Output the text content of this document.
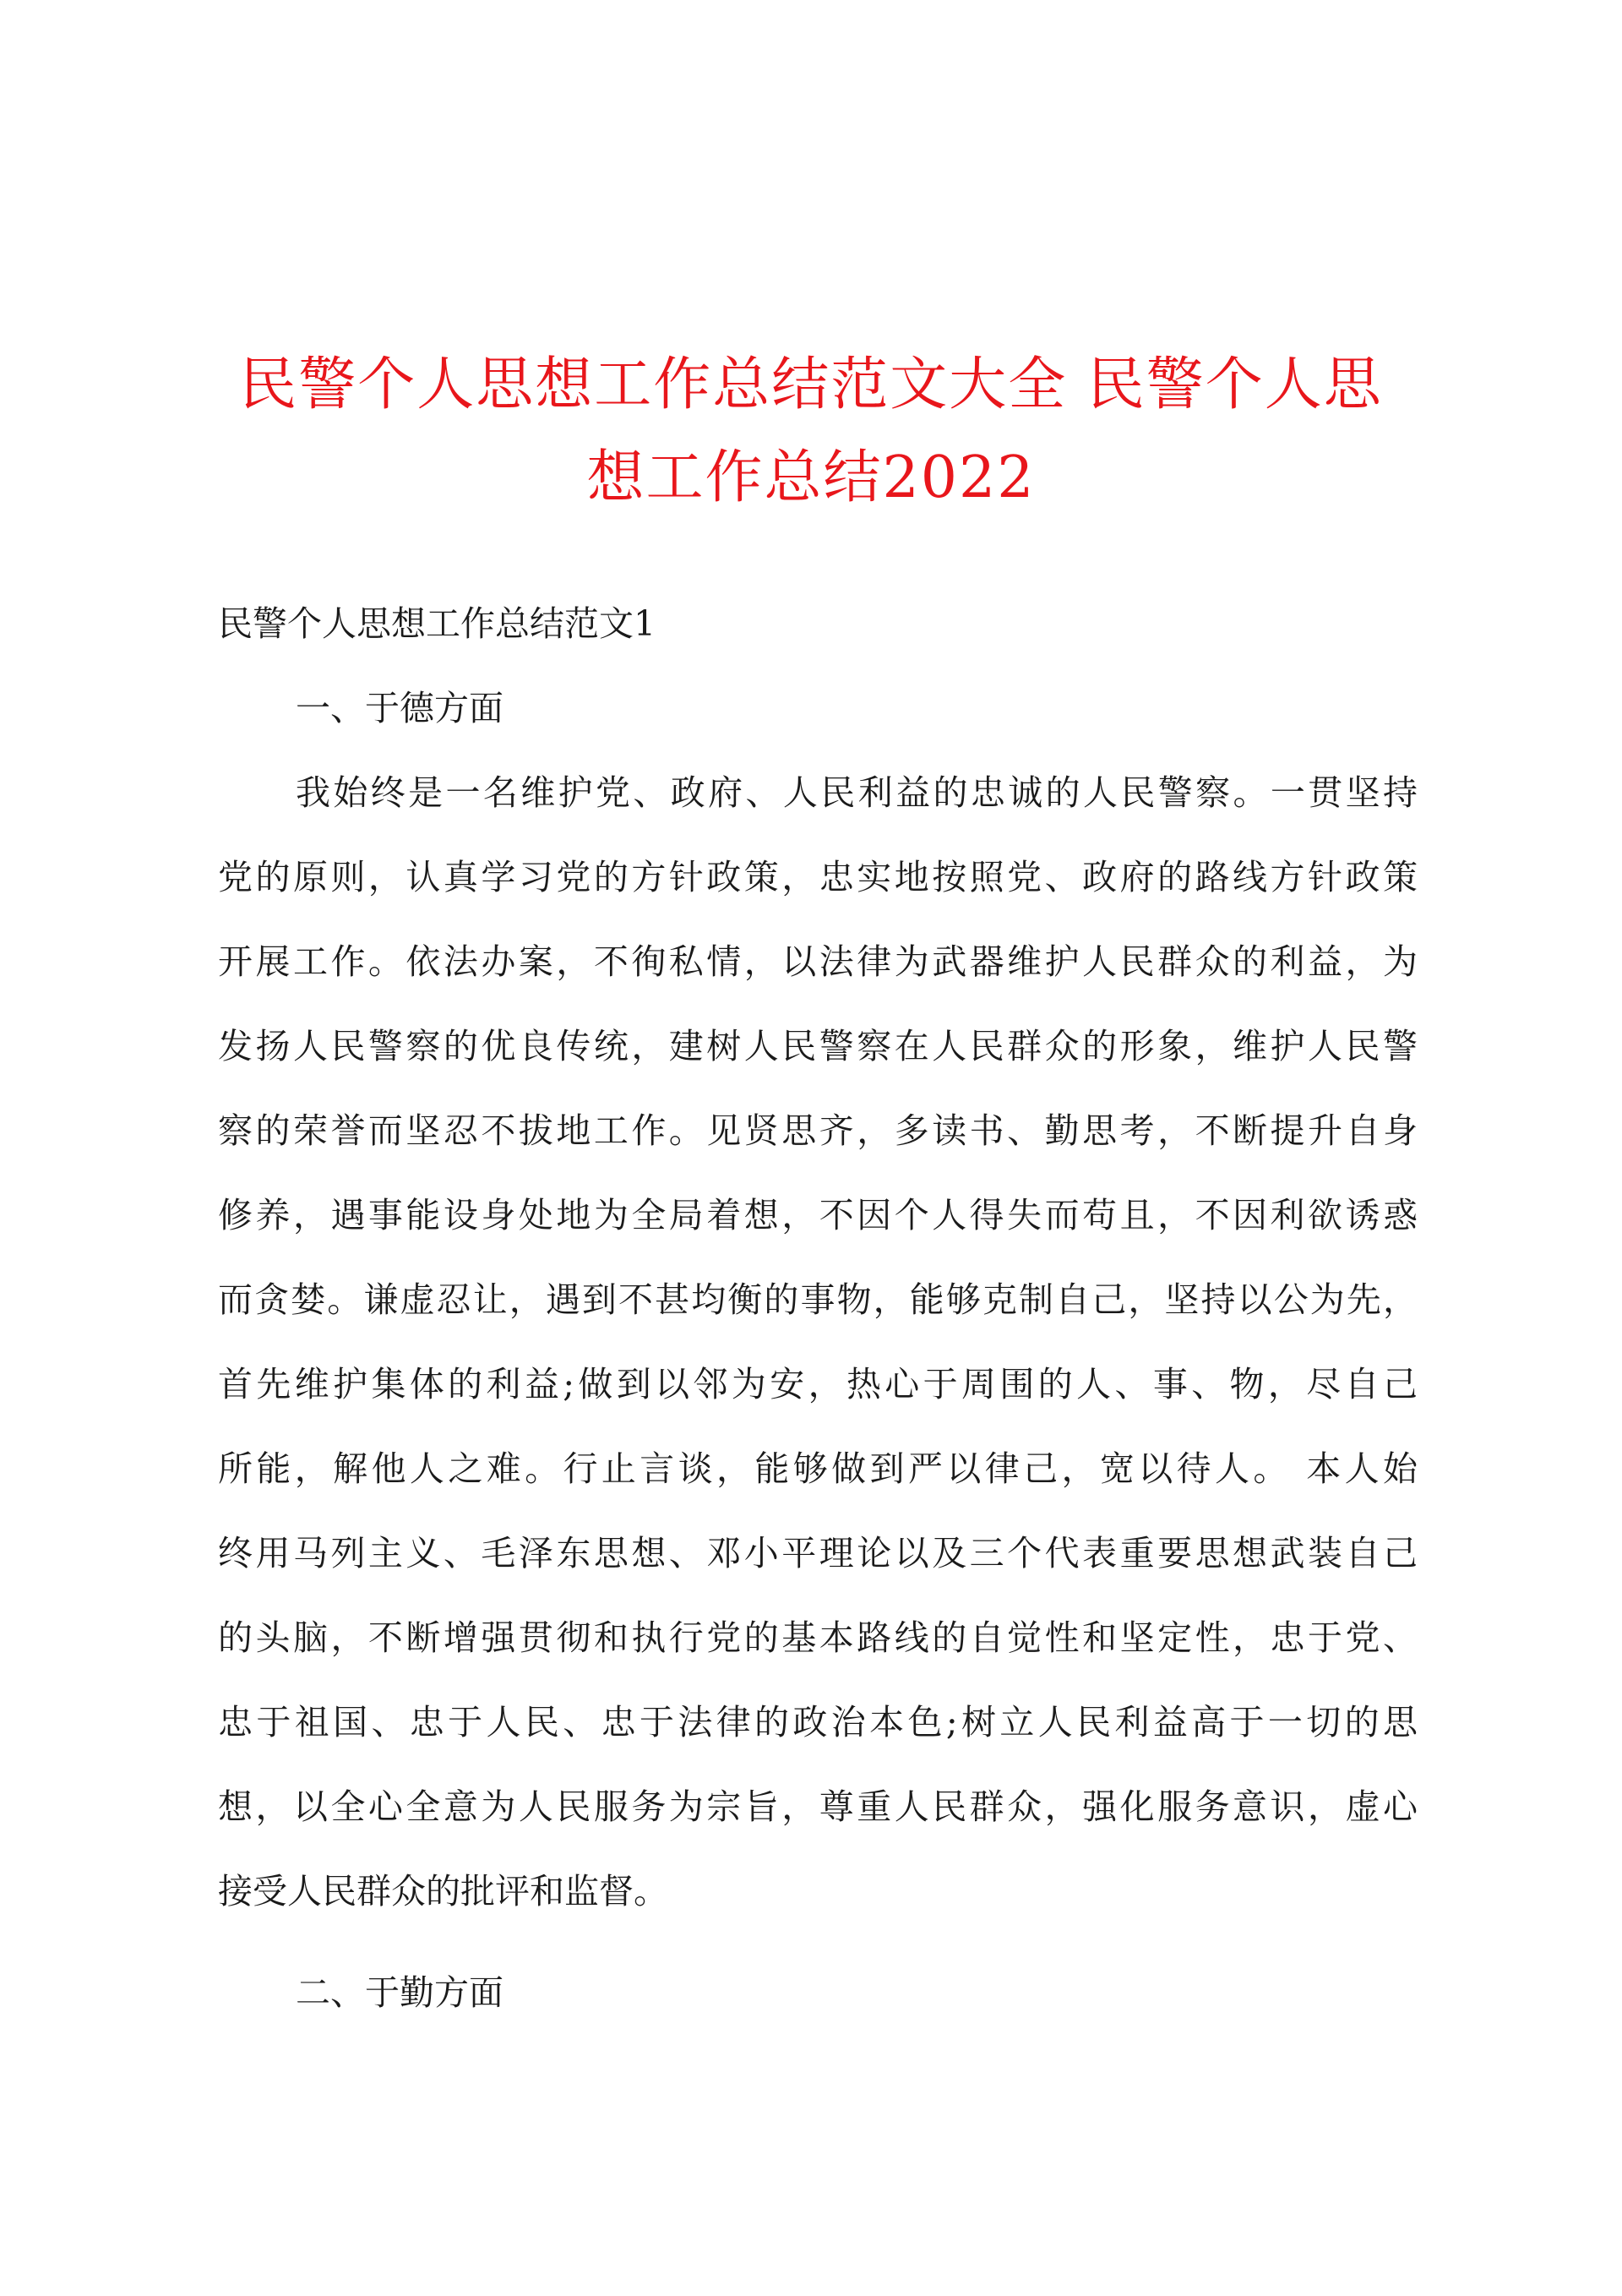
民警个人思想工作总结范文大全 民警个人思
想工作总结2022
民警个人思想工作总结范文1
一、于德方面
我始终是一名维护党、政府、人民利益的忠诚的人民警察。一贯坚持
党的原则，认真学习党的方针政策，忠实地按照党、政府的路线方针政策
开展工作。依法办案，不徇私情，以法律为武器维护人民群众的利益，为
发扬人民警察的优良传统，建树人民警察在人民群众的形象，维护人民警
察的荣誉而坚忍不拔地工作。见贤思齐，多读书、勤思考，不断提升自身
修养，遇事能设身处地为全局着想，不因个人得失而苟且，不因利欲诱惑
而贪婪。谦虚忍让，遇到不甚均衡的事物，能够克制自己，坚持以公为先，
首先维护集体的利益;做到以邻为安，热心于周围的人、事、物，尽自己
所能，解他人之难。行止言谈，能够做到严以律己，宽以待人。 本人始
终用马列主义、毛泽东思想、邓小平理论以及三个代表重要思想武装自己
的头脑，不断增强贯彻和执行党的基本路线的自觉性和坚定性，忠于党、
忠于祖国、忠于人民、忠于法律的政治本色;树立人民利益高于一切的思
想，以全心全意为人民服务为宗旨，尊重人民群众，强化服务意识，虚心
接受人民群众的批评和监督。
二、于勤方面
